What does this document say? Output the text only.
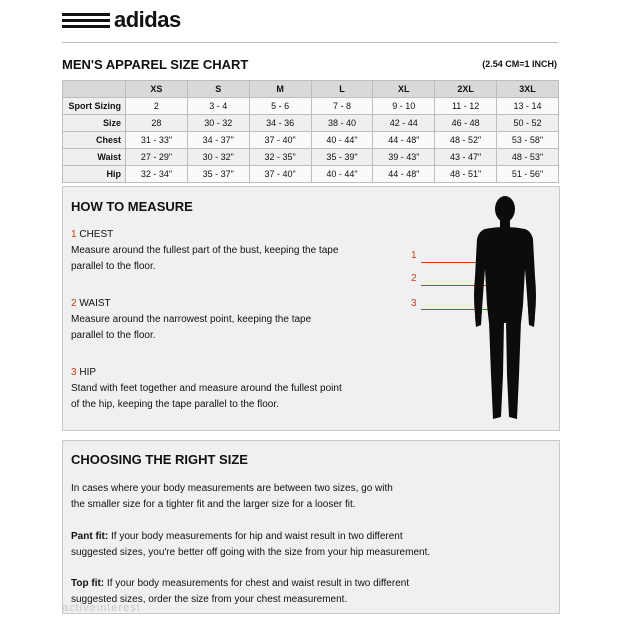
adidas
MEN'S APPAREL SIZE CHART	(2.54 CM=1 INCH)
	XS	S	M	L	XL	2XL	3XL
Sport Sizing	2	3 - 4	5 - 6	7 - 8	9 - 10	11 - 12	13 - 14
Size	28	30 - 32	34 - 36	38 - 40	42 - 44	46 - 48	50 - 52
Chest	31 - 33"	34 - 37"	37 - 40"	40 - 44"	44 - 48"	48 - 52"	53 - 58"
Waist	27 - 29"	30 - 32"	32 - 35"	35 - 39"	39 - 43"	43 - 47"	48 - 53"
Hip	32 - 34"	35 - 37"	37 - 40"	40 - 44"	44 - 48"	48 - 51"	51 - 56"
HOW TO MEASURE
1 CHEST
Measure around the fullest part of the bust, keeping the tape
parallel to the floor.
2 WAIST
Measure around the narrowest point, keeping the tape
parallel to the floor.
3 HIP
Stand with feet together and measure around the fullest point
of the hip, keeping the tape parallel to the floor.
1
2
3
CHOOSING THE RIGHT SIZE
In cases where your body measurements are between two sizes, go with
the smaller size for a tighter fit and the larger size for a looser fit.
Pant fit: If your body measurements for hip and waist result in two different
suggested sizes, you're better off going with the size from your hip measurement.
Top fit: If your body measurements for chest and waist result in two different
suggested sizes, order the size from your chest measurement.
activeinterest
